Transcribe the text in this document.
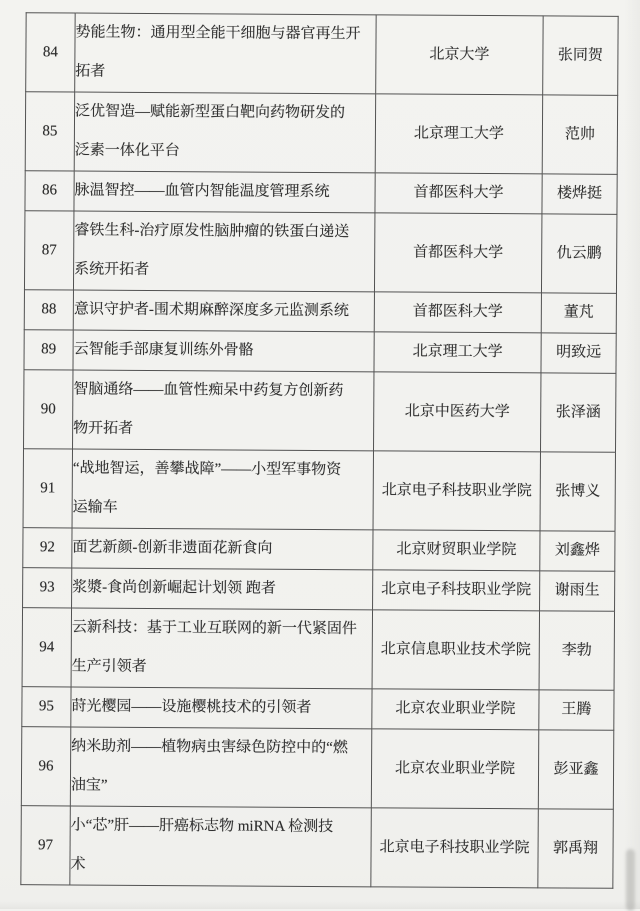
84	势能生物：通用型全能干细胞与器官再生开
拓者	北京大学	张同贺
85	泛优智造—赋能新型蛋白靶向药物研发的
泛素一体化平台	北京理工大学	范帅
86	脉温智控——血管内智能温度管理系统	首都医科大学	楼烨挺
87	睿铁生科-治疗原发性脑肿瘤的铁蛋白递送
系统开拓者	首都医科大学	仇云鹏
88	意识守护者-围术期麻醉深度多元监测系统	首都医科大学	董芃
89	云智能手部康复训练外骨骼	北京理工大学	明致远
90	智脑通络——血管性痴呆中药复方创新药
物开拓者	北京中医药大学	张泽涵
91	“战地智运，善攀战障”——小型军事物资
运输车	北京电子科技职业学院	张博义
92	面艺新颜-创新非遗面花新食向	北京财贸职业学院	刘鑫烨
93	浆漿-食尚创新崛起计划领 跑者	北京电子科技职业学院	谢雨生
94	云新科技：基于工业互联网的新一代紧固件
生产引领者	北京信息职业技术学院	李勃
95	莳光樱园——设施樱桃技术的引领者	北京农业职业学院	王腾
96	纳米助剂——植物病虫害绿色防控中的“燃
油宝”	北京农业职业学院	彭亚鑫
97	小“芯”肝——肝癌标志物 miRNA 检测技
术	北京电子科技职业学院	郭禹翔
